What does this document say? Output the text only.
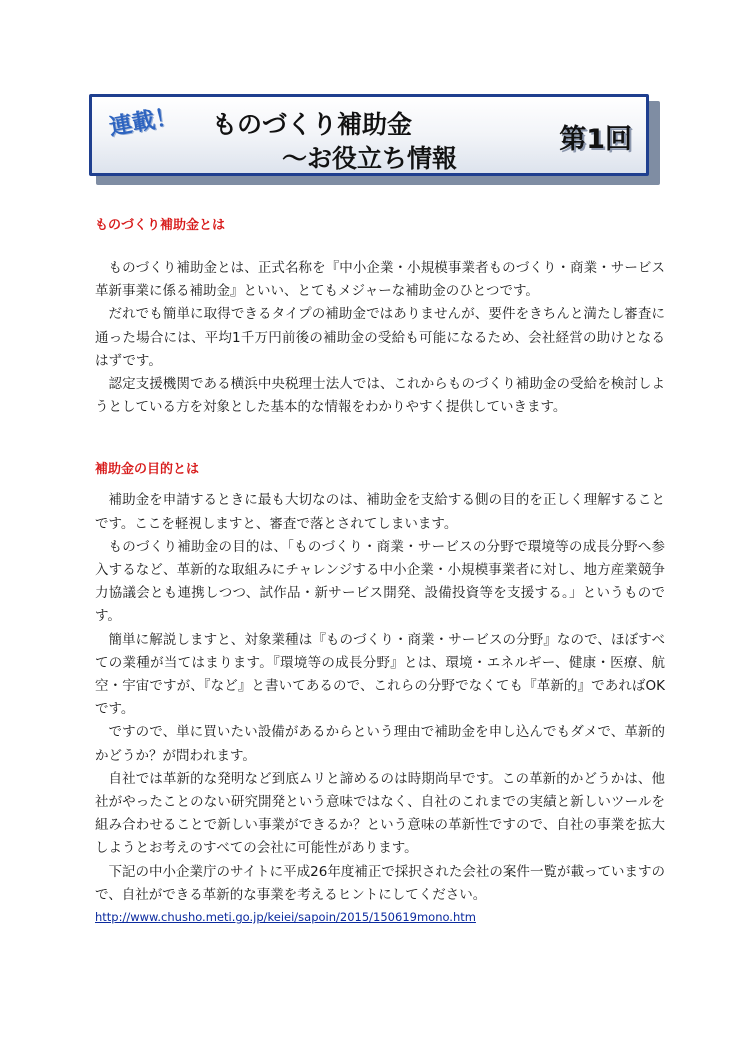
連載！ ものづくり補助金
～お役立ち情報
第1回
ものづくり補助金とは

ものづくり補助金とは、正式名称を『中小企業・小規模事業者ものづくり・商業・サービス革新事業に係る補助金』といい、とてもメジャーな補助金のひとつです。

だれでも簡単に取得できるタイプの補助金ではありませんが、要件をきちんと満たし審査に通った場合には、平均1千万円前後の補助金の受給も可能になるため、会社経営の助けとなるはずです。

認定支援機関である横浜中央税理士法人では、これからものづくり補助金の受給を検討しようとしている方を対象とした基本的な情報をわかりやすく提供していきます。

補助金の目的とは

補助金を申請するときに最も大切なのは、補助金を支給する側の目的を正しく理解することです。ここを軽視しますと、審査で落とされてしまいます。

ものづくり補助金の目的は、「ものづくり・商業・サービスの分野で環境等の成長分野へ参入するなど、革新的な取組みにチャレンジする中小企業・小規模事業者に対し、地方産業競争力協議会とも連携しつつ、試作品・新サービス開発、設備投資等を支援する。」というものです。

簡単に解説しますと、対象業種は『ものづくり・商業・サービスの分野』なので、ほぼすべての業種が当てはまります。『環境等の成長分野』とは、環境・エネルギー、健康・医療、航空・宇宙ですが、『など』と書いてあるので、これらの分野でなくても『革新的』であればOKです。

ですので、単に買いたい設備があるからという理由で補助金を申し込んでもダメで、革新的かどうか？が問われます。

自社では革新的な発明など到底ムリと諦めるのは時期尚早です。この革新的かどうかは、他社がやったことのない研究開発という意味ではなく、自社のこれまでの実績と新しいツールを組み合わせることで新しい事業ができるか？という意味の革新性ですので、自社の事業を拡大しようとお考えのすべての会社に可能性があります。

下記の中小企業庁のサイトに平成26年度補正で採択された会社の案件一覧が載っていますので、自社ができる革新的な事業を考えるヒントにしてください。

http://www.chusho.meti.go.jp/keiei/sapoin/2015/150619mono.htm
